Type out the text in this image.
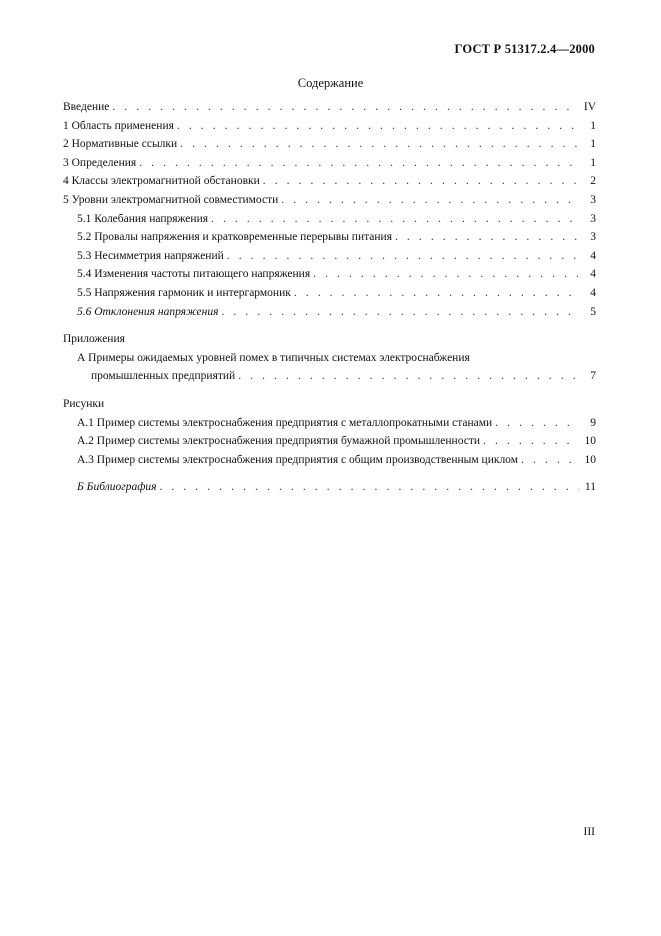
ГОСТ Р 51317.2.4—2000
Содержание
Введение . . .	IV
1 Область применения . . .	1
2 Нормативные ссылки . . .	1
3 Определения . . .	1
4 Классы электромагнитной обстановки . . .	2
5 Уровни электромагнитной совместимости . . .	3
5.1 Колебания напряжения . . .	3
5.2 Провалы напряжения и кратковременные перерывы питания . . .	3
5.3 Несимметрия напряжений . . .	4
5.4 Изменения частоты питающего напряжения . . .	4
5.5 Напряжения гармоник и интергармоник . . .	4
5.6 Отклонения напряжения . . .	5
Приложения
А Примеры ожидаемых уровней помех в типичных системах электроснабжения
промышленных предприятий . . .	7
Рисунки
А.1 Пример системы электроснабжения предприятия с металлопрокатными станами . . .	9
А.2 Пример системы электроснабжения предприятия бумажной промышленности . . .	10
А.3 Пример системы электроснабжения предприятия с общим производственным циклом . . .	10
Б Библиография . . .	11
III
